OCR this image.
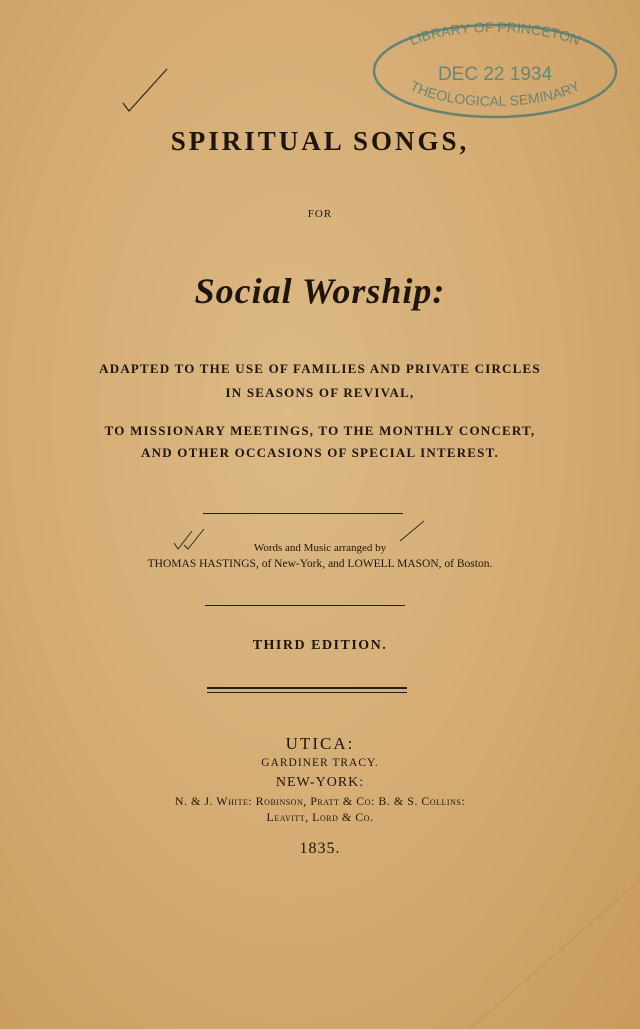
LIBRARY OF PRINCETON
THEOLOGICAL SEMINARY
DEC 22 1934
SPIRITUAL SONGS,
FOR
Social Worship:
ADAPTED TO THE USE OF FAMILIES AND PRIVATE CIRCLES
IN SEASONS OF REVIVAL,
TO MISSIONARY MEETINGS, TO THE MONTHLY CONCERT,
AND OTHER OCCASIONS OF SPECIAL INTEREST.
Words and Music arranged by
THOMAS HASTINGS, of New-York, and LOWELL MASON, of Boston.
THIRD EDITION.
UTICA:
GARDINER TRACY.
NEW-YORK:
N. & J. White: Robinson, Pratt & Co: B. & S. Collins:
Leavitt, Lord & Co.
1835.
